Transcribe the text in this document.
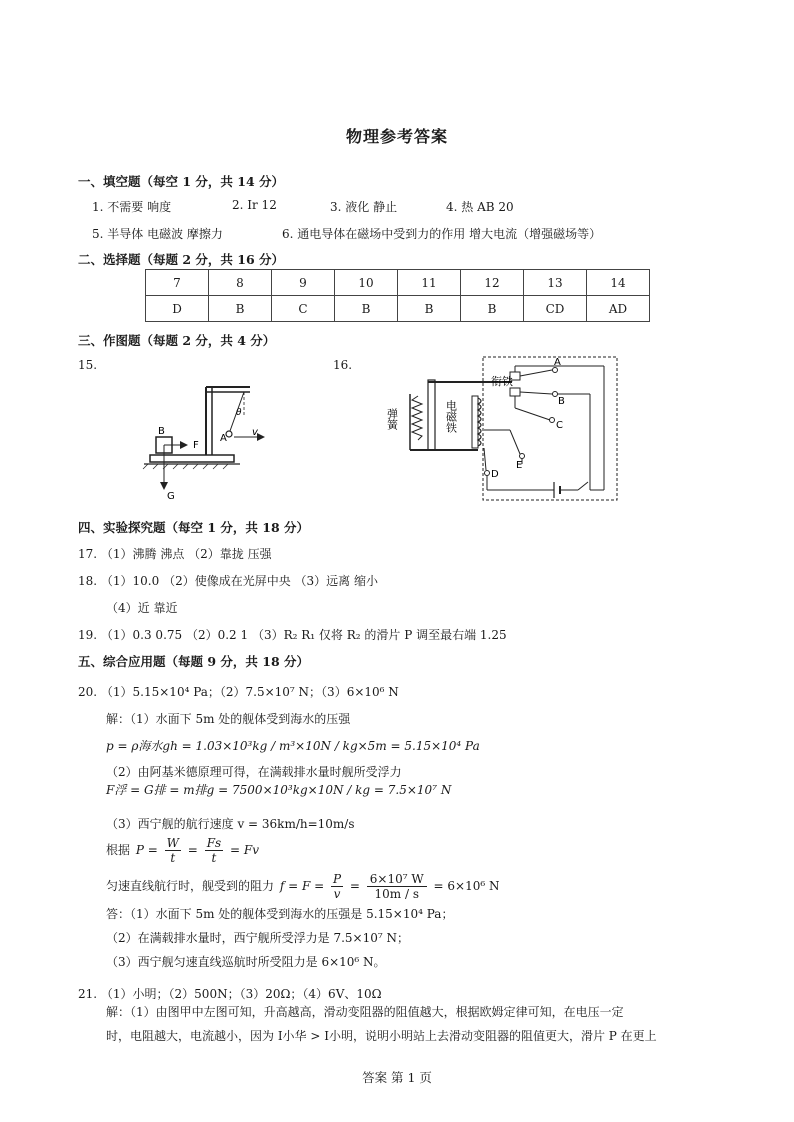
物理参考答案
一、填空题（每空 1 分，共 14 分）
1. 不需要 响度	2. Ir 12	3. 液化 静止	4. 热 AB 20
5. 半导体 电磁波 摩擦力	6. 通电导体在磁场中受到力的作用 增大电流（增强磁场等）
二、选择题（每题 2 分，共 16 分）
7	8	9	10	11	12	13	14
D	B	C	B	B	B	CD	AD
三、作图题（每题 2 分，共 4 分）
15.	16.
B
F
A
v
G
θ
衔铁
弹簧	电磁铁
A
B
C
D
E
四、实验探究题（每空 1 分，共 18 分）
17. （1）沸腾 沸点 （2）靠拢 压强
18. （1）10.0 （2）使像成在光屏中央 （3）远离 缩小
（4）近 靠近
19. （1）0.3 0.75 （2）0.2 1 （3）R₂ R₁ 仅将 R₂ 的滑片 P 调至最右端 1.25
五、综合应用题（每题 9 分，共 18 分）
20. （1）5.15×10⁴ Pa；（2）7.5×10⁷ N；（3）6×10⁶ N
解：（1）水面下 5m 处的舰体受到海水的压强
p = ρ海水gh = 1.03×10³kg / m³×10N / kg×5m = 5.15×10⁴ Pa
（2）由阿基米德原理可得，在满载排水量时舰所受浮力
F浮 = G排 = m排g = 7500×10³kg×10N / kg = 7.5×10⁷ N
（3）西宁舰的航行速度 v = 36km/h=10m/s
根据 $P = \frac{W}{t} = \frac{Fs}{t} = Fv$
匀速直线航行时，舰受到的阻力 $f = F = \frac{P}{v} = \frac{\text{6×10⁷ W}}{10m / s} = 6\times 10^6$ N
答：（1）水面下 5m 处的舰体受到海水的压强是 5.15×10⁴ Pa；
（2）在满载排水量时，西宁舰所受浮力是 7.5×10⁷ N；
（3）西宁舰匀速直线巡航时所受阻力是 6×10⁶ N。
21. （1）小明；（2）500N；（3）20Ω；（4）6V、10Ω
解：（1）由图甲中左图可知，升高越高，滑动变阻器的阻值越大，根据欧姆定律可知，在电压一定
时，电阻越大，电流越小，因为 I小华 > I小明，说明小明站上去滑动变阻器的阻值更大，滑片 P 在更上
答案 第 1 页
